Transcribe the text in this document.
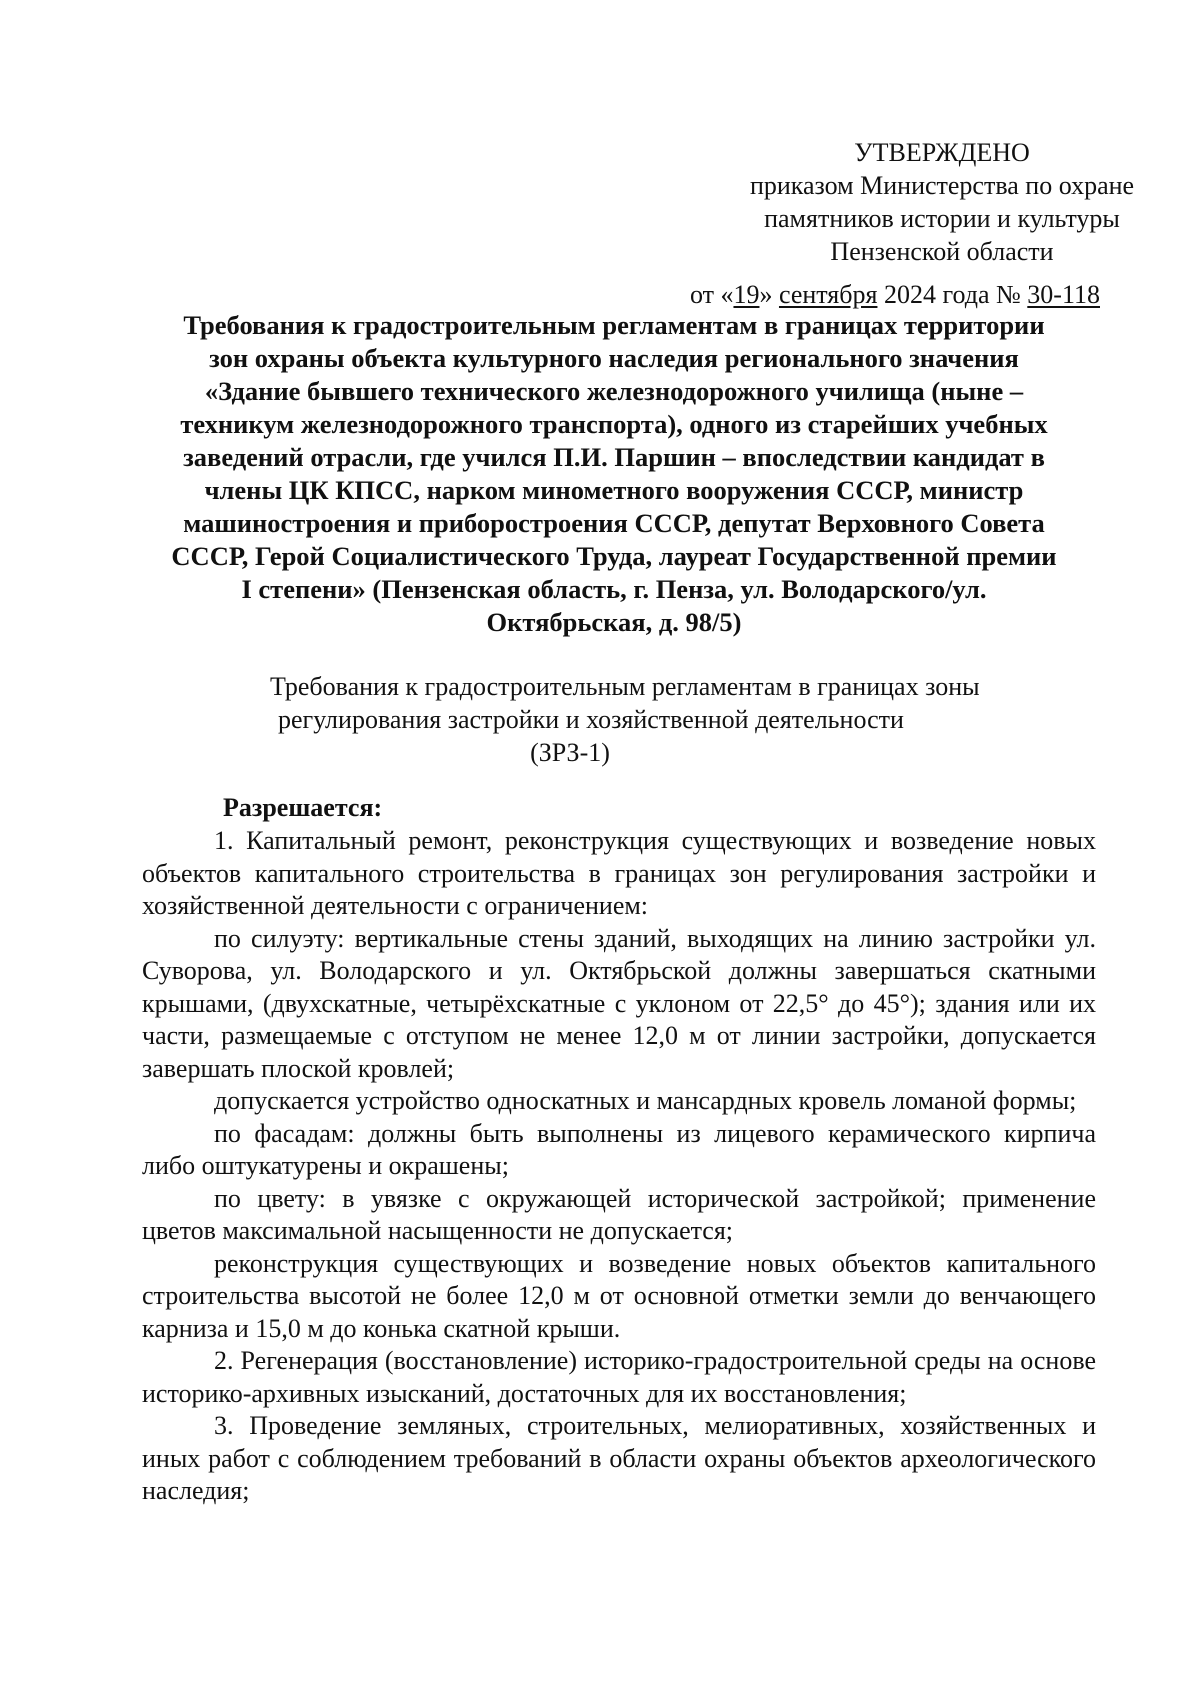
УТВЕРЖДЕНО
приказом Министерства по охране
памятников истории и культуры
Пензенской области
от «19» сентября 2024 года № 30-118
Требования к градостроительным регламентам в границах территории
зон охраны объекта культурного наследия регионального значения
«Здание бывшего технического железнодорожного училища (ныне –
техникум железнодорожного транспорта), одного из старейших учебных
заведений отрасли, где учился П.И. Паршин – впоследствии кандидат в
члены ЦК КПСС, нарком минометного вооружения СССР, министр
машиностроения и приборостроения СССР, депутат Верховного Совета
СССР, Герой Социалистического Труда, лауреат Государственной премии
I степени» (Пензенская область, г. Пенза, ул. Володарского/ул.
Октябрьская, д. 98/5)
Требования к градостроительным регламентам в границах зоны
регулирования застройки и хозяйственной деятельности
(ЗРЗ-1)
Разрешается:

1. Капитальный ремонт, реконструкция существующих и возведение новых объектов капитального строительства в границах зон регулирования застройки и хозяйственной деятельности с ограничением:

по силуэту: вертикальные стены зданий, выходящих на линию застройки ул. Суворова, ул. Володарского и ул. Октябрьской должны завершаться скатными крышами, (двухскатные, четырёхскатные с уклоном от 22,5° до 45°); здания или их части, размещаемые с отступом не менее 12,0 м от линии застройки, допускается завершать плоской кровлей;

допускается устройство односкатных и мансардных кровель ломаной формы;

по фасадам: должны быть выполнены из лицевого керамического кирпича либо оштукатурены и окрашены;

по цвету: в увязке с окружающей исторической застройкой; применение цветов максимальной насыщенности не допускается;

реконструкция существующих и возведение новых объектов капитального строительства высотой не более 12,0 м от основной отметки земли до венчающего карниза и 15,0 м до конька скатной крыши.

2. Регенерация (восстановление) историко-градостроительной среды на основе историко-архивных изысканий, достаточных для их восстановления;

3. Проведение земляных, строительных, мелиоративных, хозяйственных и иных работ с соблюдением требований в области охраны объектов археологического наследия;
